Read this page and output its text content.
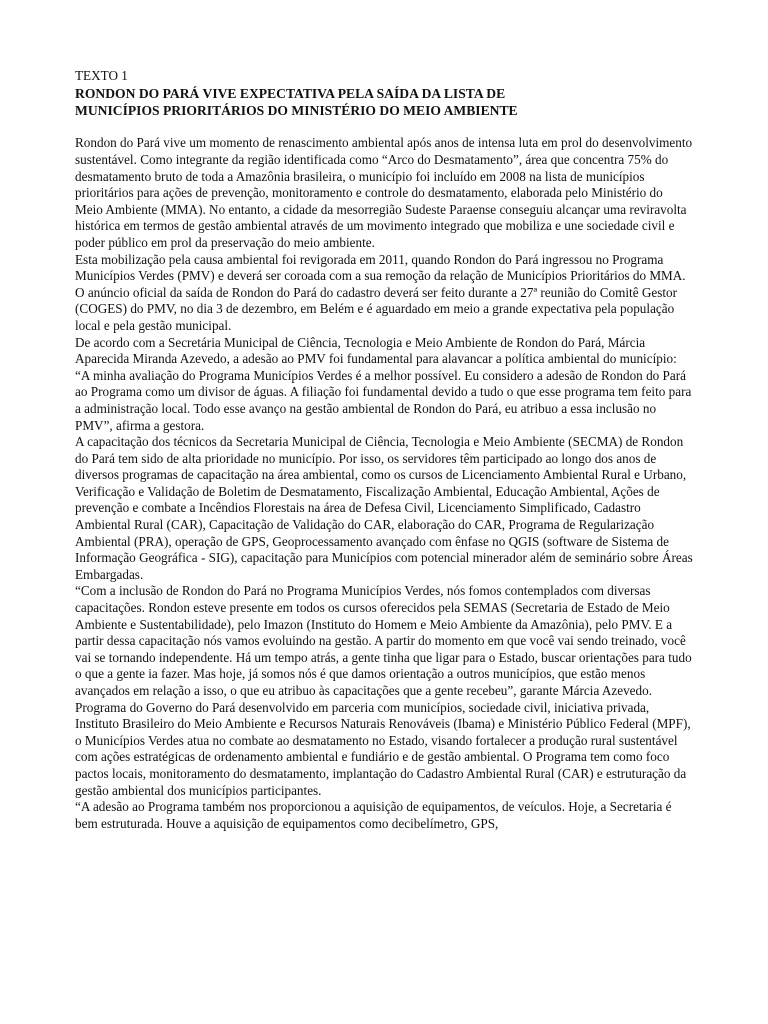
TEXTO 1
RONDON DO PARÁ VIVE EXPECTATIVA PELA SAÍDA DA LISTA DE
MUNICÍPIOS PRIORITÁRIOS DO MINISTÉRIO DO MEIO AMBIENTE

Rondon do Pará vive um momento de renascimento ambiental após anos de intensa luta em prol do desenvolvimento sustentável. Como integrante da região identificada como “Arco do Desmatamento”, área que concentra 75% do desmatamento bruto de toda a Amazônia brasileira, o município foi incluído em 2008 na lista de municípios prioritários para ações de prevenção, monitoramento e controle do desmatamento, elaborada pelo Ministério do Meio Ambiente (MMA). No entanto, a cidade da mesorregião Sudeste Paraense conseguiu alcançar uma reviravolta histórica em termos de gestão ambiental através de um movimento integrado que mobiliza e une sociedade civil e poder público em prol da preservação do meio ambiente.

Esta mobilização pela causa ambiental foi revigorada em 2011, quando Rondon do Pará ingressou no Programa Municípios Verdes (PMV) e deverá ser coroada com a sua remoção da relação de Municípios Prioritários do MMA. O anúncio oficial da saída de Rondon do Pará do cadastro deverá ser feito durante a 27ª reunião do Comitê Gestor (COGES) do PMV, no dia 3 de dezembro, em Belém e é aguardado em meio a grande expectativa pela população local e pela gestão municipal.

De acordo com a Secretária Municipal de Ciência, Tecnologia e Meio Ambiente de Rondon do Pará, Márcia Aparecida Miranda Azevedo, a adesão ao PMV foi fundamental para alavancar a política ambiental do município: “A minha avaliação do Programa Municípios Verdes é a melhor possível. Eu considero a adesão de Rondon do Pará ao Programa como um divisor de águas. A filiação foi fundamental devido a tudo o que esse programa tem feito para a administração local. Todo esse avanço na gestão ambiental de Rondon do Pará, eu atribuo a essa inclusão no PMV”, afirma a gestora.

A capacitação dos técnicos da Secretaria Municipal de Ciência, Tecnologia e Meio Ambiente (SECMA) de Rondon do Pará tem sido de alta prioridade no município. Por isso, os servidores têm participado ao longo dos anos de diversos programas de capacitação na área ambiental, como os cursos de Licenciamento Ambiental Rural e Urbano, Verificação e Validação de Boletim de Desmatamento, Fiscalização Ambiental, Educação Ambiental, Ações de prevenção e combate a Incêndios Florestais na área de Defesa Civil, Licenciamento Simplificado, Cadastro Ambiental Rural (CAR), Capacitação de Validação do CAR, elaboração do CAR, Programa de Regularização Ambiental (PRA), operação de GPS, Geoprocessamento avançado com ênfase no QGIS (software de Sistema de Informação Geográfica - SIG), capacitação para Municípios com potencial minerador além de seminário sobre Áreas Embargadas.

“Com a inclusão de Rondon do Pará no Programa Municípios Verdes, nós fomos contemplados com diversas capacitações. Rondon esteve presente em todos os cursos oferecidos pela SEMAS (Secretaria de Estado de Meio Ambiente e Sustentabilidade), pelo Imazon (Instituto do Homem e Meio Ambiente da Amazônia), pelo PMV. E a partir dessa capacitação nós vamos evoluindo na gestão. A partir do momento em que você vai sendo treinado, você vai se tornando independente. Há um tempo atrás, a gente tinha que ligar para o Estado, buscar orientações para tudo o que a gente ia fazer. Mas hoje, já somos nós é que damos orientação a outros municípios, que estão menos avançados em relação a isso, o que eu atribuo às capacitações que a gente recebeu”, garante Márcia Azevedo.

Programa do Governo do Pará desenvolvido em parceria com municípios, sociedade civil, iniciativa privada, Instituto Brasileiro do Meio Ambiente e Recursos Naturais Renováveis (Ibama) e Ministério Público Federal (MPF), o Municípios Verdes atua no combate ao desmatamento no Estado, visando fortalecer a produção rural sustentável com ações estratégicas de ordenamento ambiental e fundiário e de gestão ambiental. O Programa tem como foco pactos locais, monitoramento do desmatamento, implantação do Cadastro Ambiental Rural (CAR) e estruturação da gestão ambiental dos municípios participantes.

“A adesão ao Programa também nos proporcionou a aquisição de equipamentos, de veículos. Hoje, a Secretaria é bem estruturada. Houve a aquisição de equipamentos como decibelímetro, GPS,
